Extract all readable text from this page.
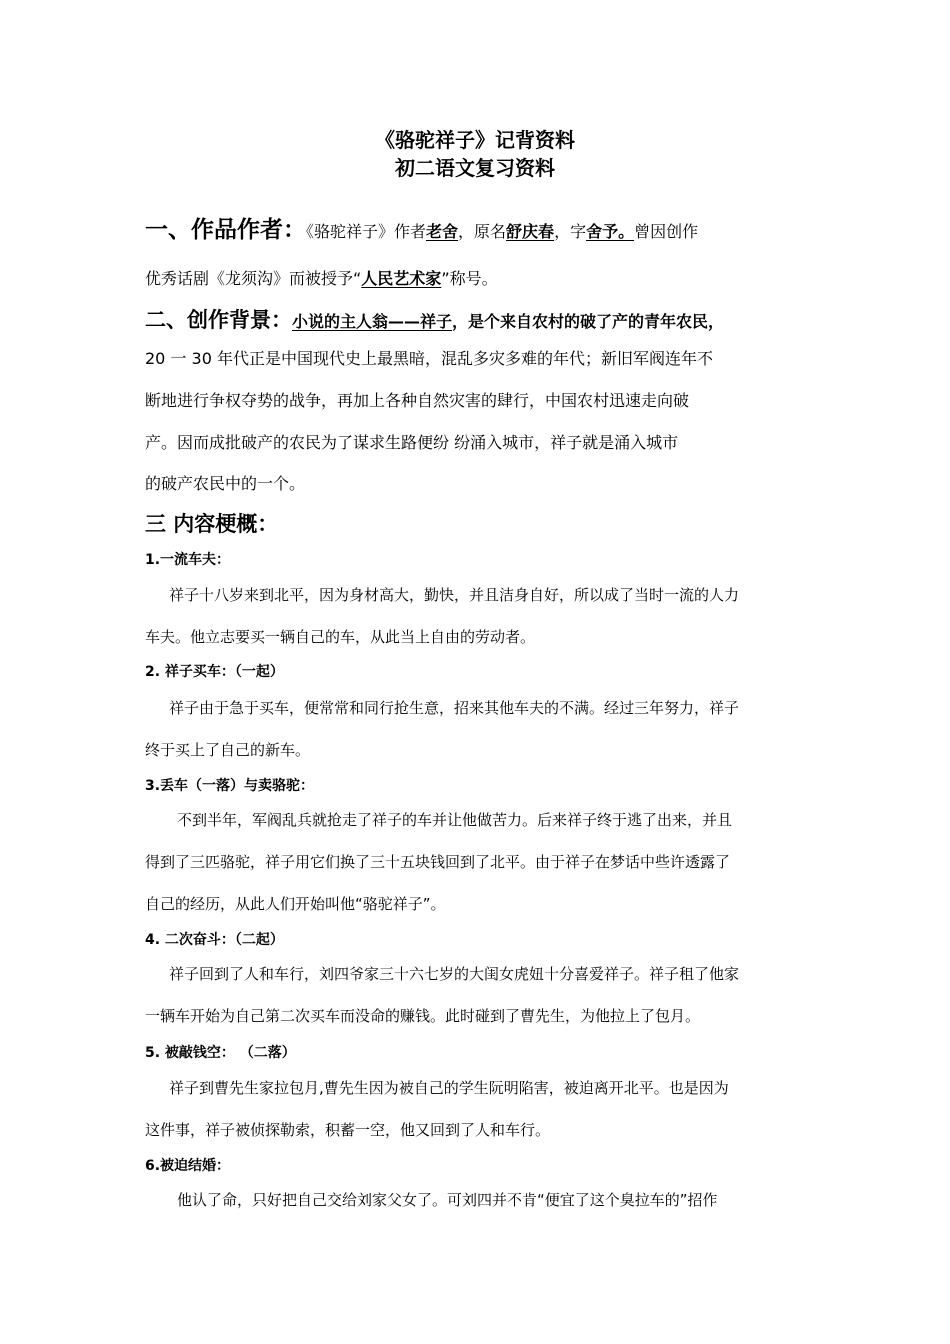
《骆驼祥子》记背资料
初二语文复习资料
一、作品作者：《骆驼祥子》作者老舍，原名舒庆春，字舍予。曾因创作
优秀话剧《龙须沟》而被授予“人民艺术家”称号。
二、创作背景：小说的主人翁——祥子，是个来自农村的破了产的青年农民，
20 一 30 年代正是中国现代史上最黑暗，混乱多灾多难的年代；新旧军阀连年不
断地进行争权夺势的战争，再加上各种自然灾害的肆行，中国农村迅速走向破
产。因而成批破产的农民为了谋求生路便纷 纷涌入城市，祥子就是涌入城市
的破产农民中的一个。
三 内容梗概：
1.一流车夫：
祥子十八岁来到北平，因为身材高大，勤快，并且洁身自好，所以成了当时一流的人力
车夫。他立志要买一辆自己的车，从此当上自由的劳动者。
2. 祥子买车：（一起）
祥子由于急于买车，便常常和同行抢生意，招来其他车夫的不满。经过三年努力，祥子
终于买上了自己的新车。
3.丢车（一落）与卖骆驼：
不到半年，军阀乱兵就抢走了祥子的车并让他做苦力。后来祥子终于逃了出来，并且
得到了三匹骆驼，祥子用它们换了三十五块钱回到了北平。由于祥子在梦话中些许透露了
自己的经历，从此人们开始叫他“骆驼祥子”。
4. 二次奋斗：（二起）
祥子回到了人和车行，刘四爷家三十六七岁的大闺女虎妞十分喜爱祥子。祥子租了他家
一辆车开始为自己第二次买车而没命的赚钱。此时碰到了曹先生，为他拉上了包月。
5. 被敲钱空： （二落）
祥子到曹先生家拉包月,曹先生因为被自己的学生阮明陷害，被迫离开北平。也是因为
这件事，祥子被侦探勒索，积蓄一空，他又回到了人和车行。
6.被迫结婚：
他认了命，只好把自己交给刘家父女了。可刘四并不肯“便宜了这个臭拉车的”招作
